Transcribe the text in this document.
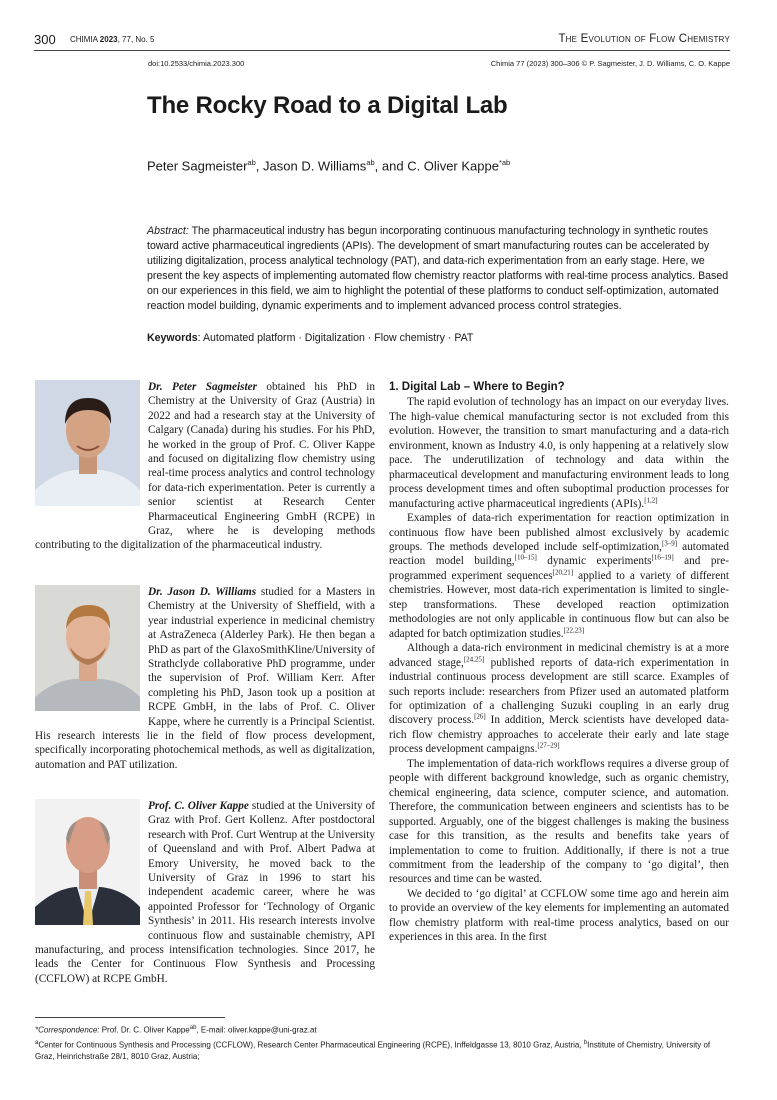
300 CHIMIA 2023, 77, No. 5	The Evolution of Flow Chemistry
doi:10.2533/chimia.2023.300	Chimia 77 (2023) 300–306 © P. Sagmeister, J. D. Williams, C. O. Kappe
The Rocky Road to a Digital Lab
Peter Sagmeister$^{ab}$, Jason D. Williams$^{ab}$, and C. Oliver Kappe$^{*ab}$
Abstract: The pharmaceutical industry has begun incorporating continuous manufacturing technology in synthetic routes toward active pharmaceutical ingredients (APIs). The development of smart manufacturing routes can be accelerated by utilizing digitalization, process analytical technology (PAT), and data-rich experimentation from an early stage. Here, we present the key aspects of implementing automated flow chemistry reactor platforms with real-time process analytics. Based on our experiences in this field, we aim to highlight the potential of these platforms to conduct self-optimization, automated reaction model building, dynamic experiments and to implement advanced process control strategies.
Keywords: Automated platform · Digitalization · Flow chemistry · PAT
Dr. Peter Sagmeister obtained his PhD in Chemistry at the University of Graz (Austria) in 2022 and had a research stay at the University of Calgary (Canada) during his studies. For his PhD, he worked in the group of Prof. C. Oliver Kappe and focused on digitalizing flow chemistry using real-time process analytics and control technology for data-rich experimentation. Peter is currently a senior scientist at Research Center Pharmaceutical Engineering GmbH (RCPE) in Graz, where he is developing methods contributing to the digitalization of the pharmaceutical industry.
Dr. Jason D. Williams studied for a Masters in Chemistry at the University of Sheffield, with a year industrial experience in medicinal chemistry at AstraZeneca (Alderley Park). He then began a PhD as part of the GlaxoSmithKline/University of Strathclyde collaborative PhD programme, under the supervision of Prof. William Kerr. After completing his PhD, Jason took up a position at RCPE GmbH, in the labs of Prof. C. Oliver Kappe, where he currently is a Principal Scientist. His research interests lie in the field of flow process development, specifically incorporating photochemical methods, as well as digitalization, automation and PAT utilization.
Prof. C. Oliver Kappe studied at the University of Graz with Prof. Gert Kollenz. After postdoctoral research with Prof. Curt Wentrup at the University of Queensland and with Prof. Albert Padwa at Emory University, he moved back to the University of Graz in 1996 to start his independent academic career, where he was appointed Professor for ‘Technology of Organic Synthesis’ in 2011. His research interests involve continuous flow and sustainable chemistry, API manufacturing, and process intensification technologies. Since 2017, he leads the Center for Continuous Flow Synthesis and Processing (CCFLOW) at RCPE GmbH.
1. Digital Lab – Where to Begin?

The rapid evolution of technology has an impact on our everyday lives. The high-value chemical manufacturing sector is not excluded from this evolution. However, the transition to smart manufacturing and a data-rich environment, known as Industry 4.0, is only happening at a relatively slow pace. The underutilization of technology and data within the pharmaceutical development and manufacturing environment leads to long process development times and often suboptimal production processes for manufacturing active pharmaceutical ingredients (APIs).[1,2]

Examples of data-rich experimentation for reaction optimization in continuous flow have been published almost exclusively by academic groups. The methods developed include self-optimization,[3–9] automated reaction model building,[10–15] dynamic experiments[16–19] and pre-programmed experiment sequences[20,21] applied to a variety of different chemistries. However, most data-rich experimentation is limited to single-step transformations. These developed reaction optimization methodologies are not only applicable in continuous flow but can also be adapted for batch optimization studies.[22,23]

Although a data-rich environment in medicinal chemistry is at a more advanced stage,[24,25] published reports of data-rich experimentation in industrial continuous process development are still scarce. Examples of such reports include: researchers from Pfizer used an automated platform for optimization of a challenging Suzuki coupling in an early drug discovery process.[26] In addition, Merck scientists have developed data-rich flow chemistry approaches to accelerate their early and late stage process development campaigns.[27–29]

The implementation of data-rich workflows requires a diverse group of people with different background knowledge, such as organic chemistry, chemical engineering, data science, computer science, and automation. Therefore, the communication between engineers and scientists has to be supported. Arguably, one of the biggest challenges is making the business case for this transition, as the results and benefits take years of implementation to come to fruition. Additionally, if there is not a true commitment from the leadership of the company to ‘go digital’, then resources and time can be wasted.

We decided to ‘go digital’ at CCFLOW some time ago and herein aim to provide an overview of the key elements for implementing an automated flow chemistry platform with real-time process analytics, based on our experiences in this area. In the first

*Correspondence: Prof. Dr. C. Oliver Kappe$^{ab}$, E-mail: oliver.kappe@uni-graz.at
$^a$Center for Continuous Synthesis and Processing (CCFLOW), Research Center Pharmaceutical Engineering (RCPE), Inffeldgasse 13, 8010 Graz, Austria, $^b$Institute of Chemistry, University of Graz, Heinrichstraße 28/1, 8010 Graz, Austria;
